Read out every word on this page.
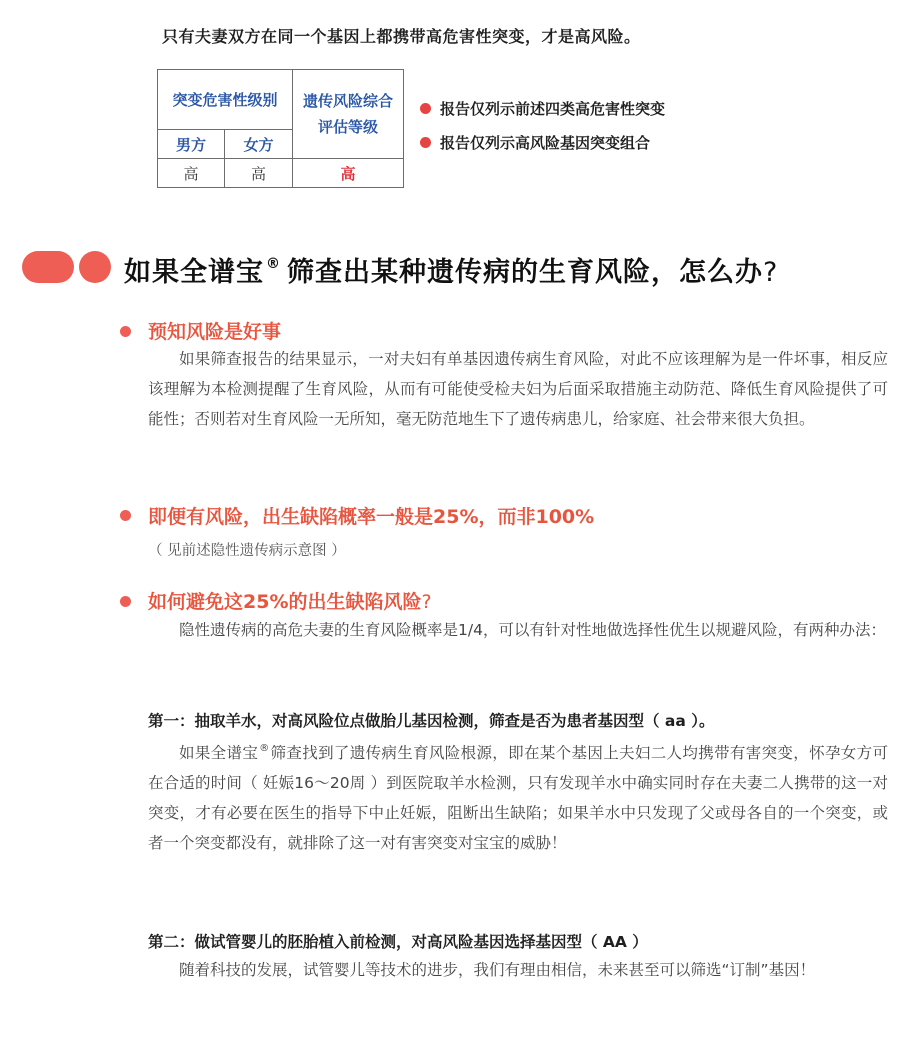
只有夫妻双方在同一个基因上都携带高危害性突变，才是高风险。
突变危害性级别		遗传风险综合评估等级

男方	女方	
高	高	高
报告仅列示前述四类高危害性突变
报告仅列示高风险基因突变组合
如果全谱宝 ® 筛查出某种遗传病的生育风险，怎么办?
预知风险是好事
如果筛查报告的结果显示，一对夫妇有单基因遗传病生育风险，对此不应该理解为是一件坏事，相反应该理解为本检测提醒了生育风险，从而有可能使受检夫妇为后面采取措施主动防范、降低生育风险提供了可能性；否则若对生育风险一无所知，毫无防范地生下了遗传病患儿，给家庭、社会带来很大负担。
即便有风险，出生缺陷概率一般是25%，而非100%
（ 见前述隐性遗传病示意图 ）
如何避免这25%的出生缺陷风险?
隐性遗传病的高危夫妻的生育风险概率是1/4，可以有针对性地做选择性优生以规避风险，有两种办法：
第一：抽取羊水，对高风险位点做胎儿基因检测，筛查是否为患者基因型（ aa ）。
如果全谱宝®筛查找到了遗传病生育风险根源，即在某个基因上夫妇二人均携带有害突变，怀孕女方可在合适的时间（ 妊娠16～20周 ）到医院取羊水检测，只有发现羊水中确实同时存在夫妻二人携带的这一对突变，才有必要在医生的指导下中止妊娠，阻断出生缺陷；如果羊水中只发现了父或母各自的一个突变，或者一个突变都没有，就排除了这一对有害突变对宝宝的威胁！
第二：做试管婴儿的胚胎植入前检测，对高风险基因选择基因型（ AA ）
随着科技的发展，试管婴儿等技术的进步，我们有理由相信，未来甚至可以筛选“订制”基因！
